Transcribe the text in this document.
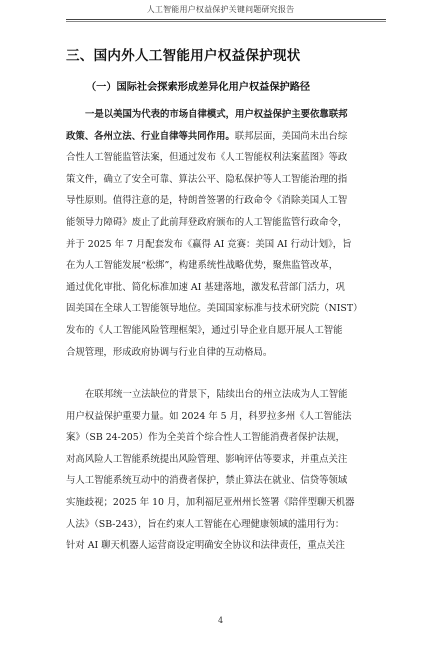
人工智能用户权益保护关键问题研究报告
三、国内外人工智能用户权益保护现状
（一）国际社会探索形成差异化用户权益保护路径
一是以美国为代表的市场自律模式，用户权益保护主要依靠联邦
政策、各州立法、行业自律等共同作用。联邦层面，美国尚未出台综
合性人工智能监管法案，但通过发布《人工智能权利法案蓝图》等政
策文件，确立了安全可靠、算法公平、隐私保护等人工智能治理的指
导性原则。值得注意的是，特朗普签署的行政命令《消除美国人工智
能领导力障碍》废止了此前拜登政府颁布的人工智能监管行政命令，
并于 2025 年 7 月配套发布《赢得 AI 竞赛：美国 AI 行动计划》，旨
在为人工智能发展“松绑”，构建系统性战略优势，聚焦监管改革，
通过优化审批、简化标准加速 AI 基建落地，激发私营部门活力，巩
固美国在全球人工智能领导地位。美国国家标准与技术研究院（NIST）
发布的《人工智能风险管理框架》，通过引导企业自愿开展人工智能
合规管理，形成政府协调与行业自律的互动格局。
在联邦统一立法缺位的背景下，陆续出台的州立法成为人工智能
用户权益保护重要力量。如 2024 年 5 月，科罗拉多州《人工智能法
案》（SB 24-205）作为全美首个综合性人工智能消费者保护法规，
对高风险人工智能系统提出风险管理、影响评估等要求，并重点关注
与人工智能系统互动中的消费者保护，禁止算法在就业、信贷等领域
实施歧视；2025 年 10 月，加利福尼亚州州长签署《陪伴型聊天机器
人法》（SB-243），旨在约束人工智能在心理健康领域的滥用行为：
针对 AI 聊天机器人运营商设定明确安全协议和法律责任，重点关注
4
